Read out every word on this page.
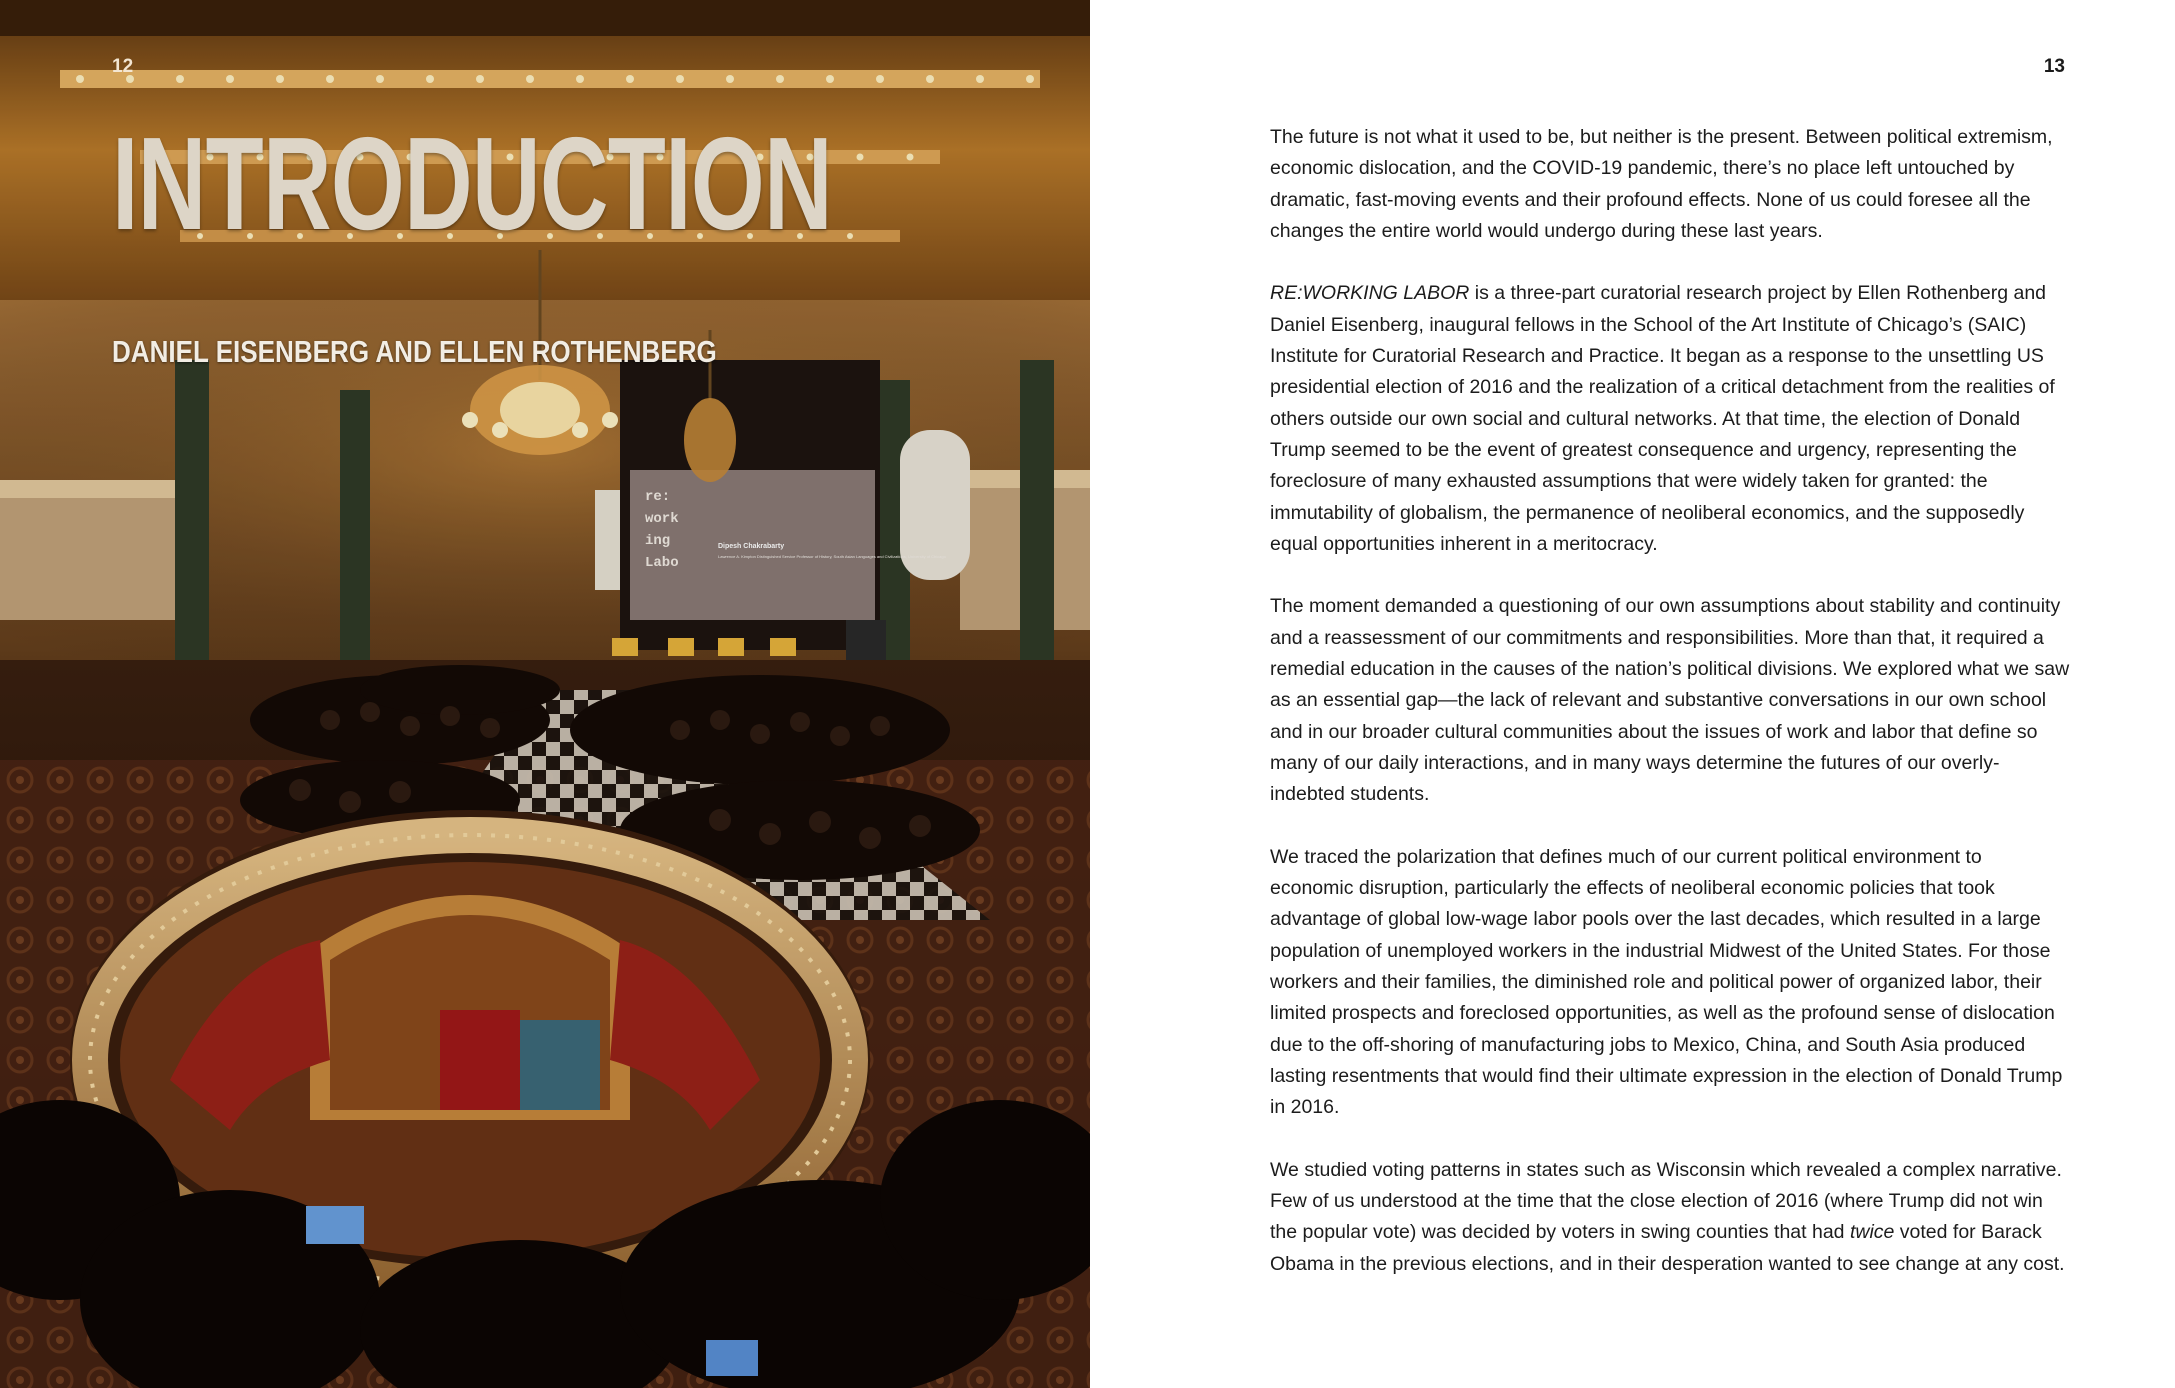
re:
work
ing
Labo
Dipesh Chakrabarty
Lawrence A. Kimpton Distinguished Service Professor of History, South Asian Languages and Civilizations, University of Chicago
12
INTRODUCTION
DANIEL EISENBERG AND ELLEN ROTHENBERG
13

The future is not what it used to be, but neither is the present. Between political extremism, economic dislocation, and the COVID-19 pandemic, there’s no place left untouched by dramatic, fast-moving events and their profound effects. None of us could foresee all the changes the entire world would undergo during these last years.

RE:WORKING LABOR is a three-part curatorial research project by Ellen Rothenberg and Daniel Eisenberg, inaugural fellows in the School of the Art Institute of Chicago’s (SAIC) Institute for Curatorial Research and Practice. It began as a response to the unsettling US presidential election of 2016 and the realization of a critical detachment from the realities of others outside our own social and cultural networks. At that time, the election of Donald Trump seemed to be the event of greatest consequence and urgency, representing the foreclosure of many exhausted assumptions that were widely taken for granted: the immutability of globalism, the permanence of neoliberal economics, and the supposedly equal opportunities inherent in a meritocracy.

The moment demanded a questioning of our own assumptions about stability and continuity and a reassessment of our commitments and responsibilities. More than that, it required a remedial education in the causes of the nation’s political divisions. We explored what we saw as an essential gap—the lack of relevant and substantive conversations in our own school and in our broader cultural communities about the issues of work and labor that define so many of our daily interactions, and in many ways determine the futures of our overly-indebted students.

We traced the polarization that defines much of our current political environment to economic disruption, particularly the effects of neoliberal economic policies that took advantage of global low-wage labor pools over the last decades, which resulted in a large population of unemployed workers in the industrial Midwest of the United States. For those workers and their families, the diminished role and political power of organized labor, their limited prospects and foreclosed opportunities, as well as the profound sense of dislocation due to the off-shoring of manufacturing jobs to Mexico, China, and South Asia produced lasting resentments that would find their ultimate expression in the election of Donald Trump in 2016.

We studied voting patterns in states such as Wisconsin which revealed a complex narrative. Few of us understood at the time that the close election of 2016 (where Trump did not win the popular vote) was decided by voters in swing counties that had twice voted for Barack Obama in the previous elections, and in their desperation wanted to see change at any cost.
